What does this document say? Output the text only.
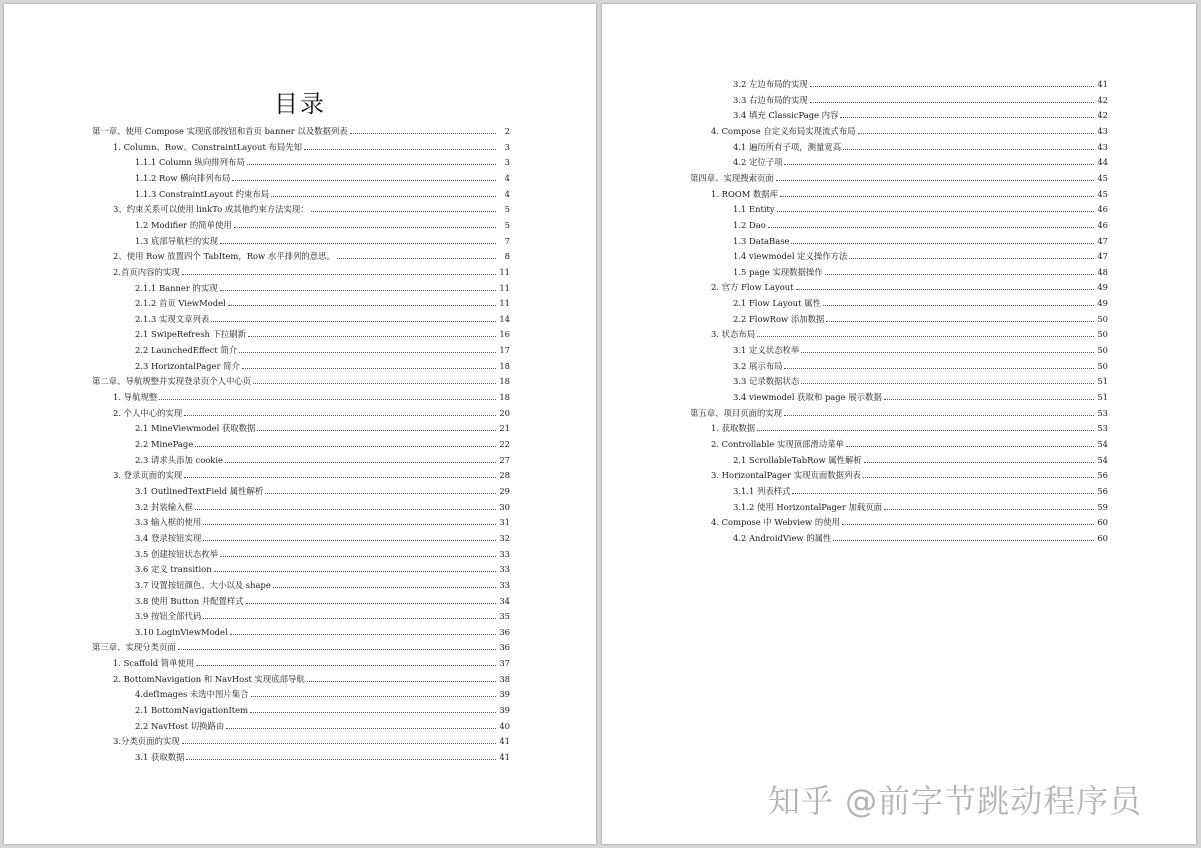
目录
第一章、使用 Compose 实现底部按钮和首页 banner 以及数据列表	2
1. Column、Row、ConstraintLayout 布局先知	3
1.1.1 Column 纵向排列布局	3
1.1.2 Row 横向排列布局	4
1.1.3 ConstraintLayout 约束布局	4
3、约束关系可以使用 linkTo 或其他约束方法实现：	5
1.2 Modifier 的简单使用	5
1.3 底部导航栏的实现	7
2、使用 Row 放置四个 TabItem，Row 水平排列的意思。	8
2.首页内容的实现	11
2.1.1 Banner 的实现	11
2.1.2 首页 ViewModel	11
2.1.3 实现文章列表	14
2.1 SwipeRefresh 下拉刷新	16
2.2 LaunchedEffect 简介	17
2.3 HorizontalPager 简介	18
第二章、导航规整并实现登录页个人中心页	18
1. 导航规整	18
2. 个人中心的实现	20
2.1 MineViewmodel 获取数据	21
2.2 MinePage	22
2.3 请求头添加 cookie	27
3. 登录页面的实现	28
3.1 OutlinedTextField 属性解析	29
3.2 封装输入框	30
3.3 输入框的使用	31
3.4 登录按钮实现	32
3.5 创建按钮状态枚举	33
3.6 定义 transition	33
3.7 设置按钮颜色、大小以及 shape	33
3.8 使用 Button 并配置样式	34
3.9 按钮全部代码	35
3.10 LoginViewModel	36
第三章、实现分类页面	36
1. Scaffold 简单使用	37
2. BottomNavigation 和 NavHost 实现底部导航	38
4.defImages 未选中图片集合	39
2.1 BottomNavigationItem	39
2.2 NavHost 切换路由	40
3.分类页面的实现	41
3.1 获取数据	41
3.2 左边布局的实现	41
3.3 右边布局的实现	42
3.4 填充 ClassicPage 内容	42
4. Compose 自定义布局实现流式布局	43
4.1 遍历所有子项，测量宽高	43
4.2 定位子项	44
第四章、实现搜索页面	45
1. ROOM 数据库	45
1.1 Entity	46
1.2 Dao	46
1.3 DataBase	47
1.4 viewmodel 定义操作方法	47
1.5 page 实现数据操作	48
2. 官方 Flow Layout	49
2.1 Flow Layout 属性	49
2.2 FlowRow 添加数据	50
3. 状态布局	50
3.1 定义状态枚举	50
3.2 展示布局	50
3.3 记录数据状态	51
3.4 viewmodel 获取和 page 展示数据	51
第五章、项目页面的实现	53
1. 获取数据	53
2. Controllable 实现顶部滑动菜单	54
2.1 ScrollableTabRow 属性解析	54
3. HorizontalPager 实现页面数据列表	56
3.1.1 列表样式	56
3.1.2 使用 HorizontalPager 加载页面	59
4. Compose 中 Webview 的使用	60
4.2 AndroidView 的属性	60
知乎 @前字节跳动程序员
